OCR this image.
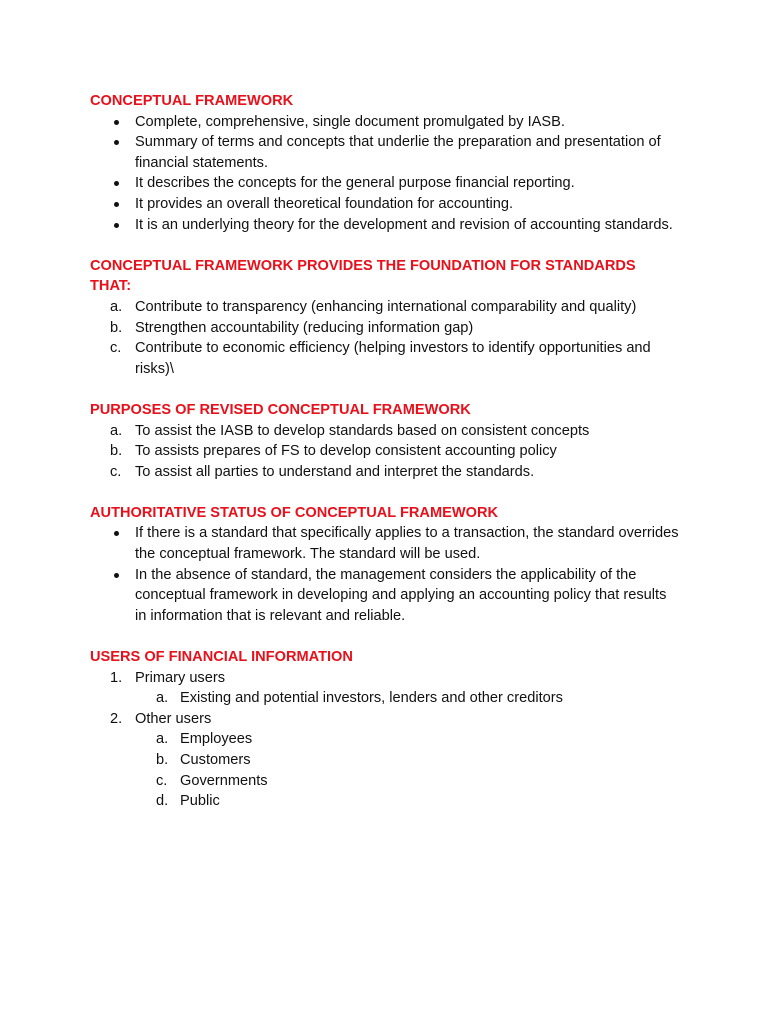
CONCEPTUAL FRAMEWORK

Complete, comprehensive, single document promulgated by IASB.
Summary of terms and concepts that underlie the preparation and presentation of financial statements.
It describes the concepts for the general purpose financial reporting.
It provides an overall theoretical foundation for accounting.
It is an underlying theory for the development and revision of accounting standards.

CONCEPTUAL FRAMEWORK PROVIDES THE FOUNDATION FOR STANDARDS THAT:

a. Contribute to transparency (enhancing international comparability and quality)
b. Strengthen accountability (reducing information gap)
c. Contribute to economic efficiency (helping investors to identify opportunities and risks)\

PURPOSES OF REVISED CONCEPTUAL FRAMEWORK

a. To assist the IASB to develop standards based on consistent concepts
b. To assists prepares of FS to develop consistent accounting policy
c. To assist all parties to understand and interpret the standards.

AUTHORITATIVE STATUS OF CONCEPTUAL FRAMEWORK

If there is a standard that specifically applies to a transaction, the standard overrides the conceptual framework. The standard will be used.
In the absence of standard, the management considers the applicability of the conceptual framework in developing and applying an accounting policy that results in information that is relevant and reliable.

USERS OF FINANCIAL INFORMATION

1. Primary users
a. Existing and potential investors, lenders and other creditors
2. Other users
a. Employees
b. Customers
c. Governments
d. Public
